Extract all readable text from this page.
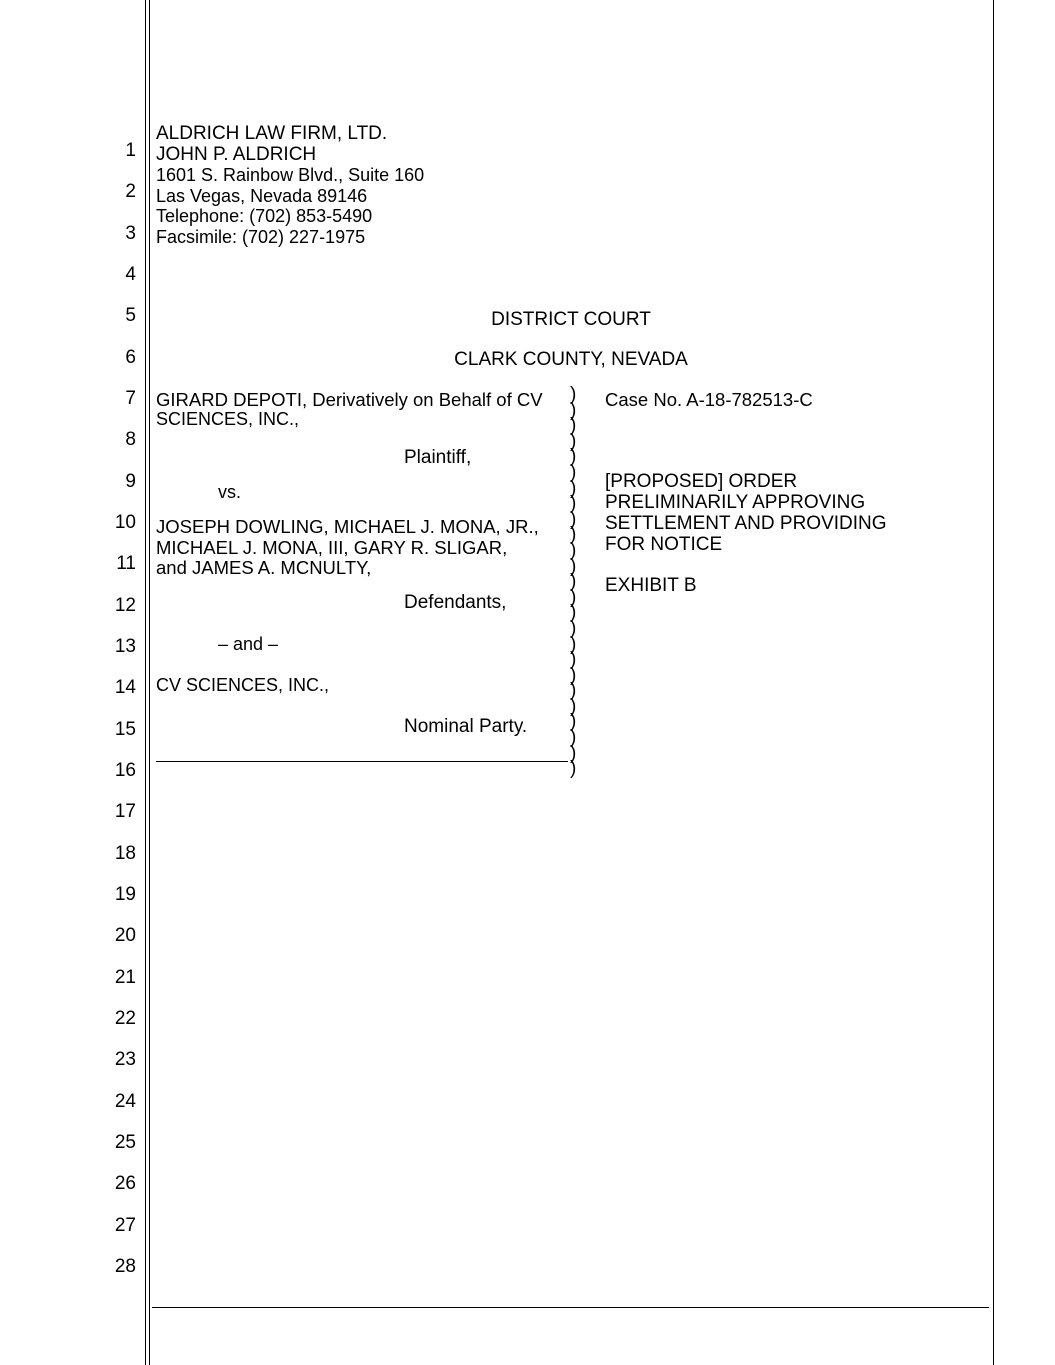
1
2
3
4
5
6
7
8
9
10
11
12
13
14
15
16
17
18
19
20
21
22
23
24
25
26
27
28
ALDRICH LAW FIRM, LTD.
JOHN P. ALDRICH
1601 S. Rainbow Blvd., Suite 160
Las Vegas, Nevada 89146
Telephone: (702) 853-5490
Facsimile: (702) 227-1975
DISTRICT COURT
CLARK COUNTY, NEVADA
GIRARD DEPOTI, Derivatively on Behalf of CV
SCIENCES, INC.,
Plaintiff,
vs.
JOSEPH DOWLING, MICHAEL J. MONA, JR.,
MICHAEL J. MONA, III, GARY R. SLIGAR,
and JAMES A. MCNULTY,
Defendants,
– and –
CV SCIENCES, INC.,
Nominal Party.
)
)
)
)
)
)
)
)
)
)
)
)
)
)
)
)
)
)
)
)
)
)
)
)
)
Case No. A-18-782513-C
[PROPOSED] ORDER
PRELIMINARILY APPROVING
SETTLEMENT AND PROVIDING
FOR NOTICE
EXHIBIT B
